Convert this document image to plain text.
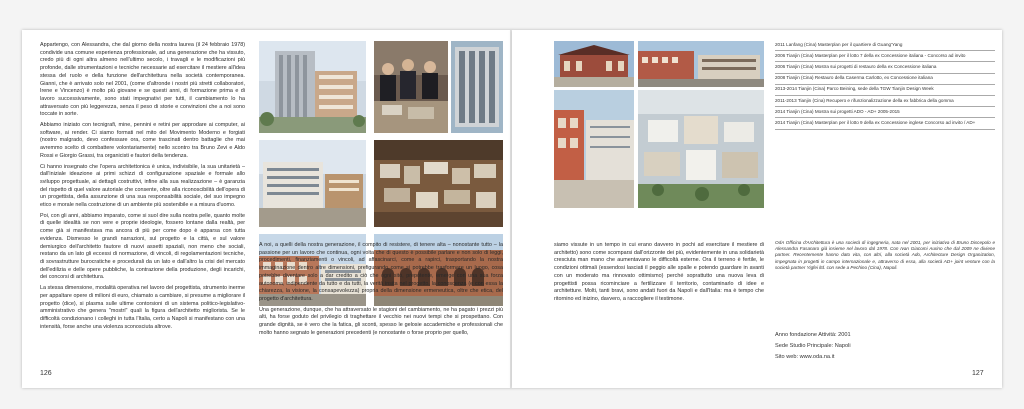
Appartengo, con Alessandra, che dal giorno della nostra laurea (il 24 febbraio 1978) condivide una comune esperienza professionale, ad una generazione che ha vissuto, credo più di ogni altra almeno nell'ultimo secolo, i travagli e le modificazioni più profonde, dalle strumentazioni e tecniche necessarie ad esercitare il mestiere all'idea stessa del ruolo e della funzione dell'architettura nella società contemporanea. Gianni, che è arrivato solo nel 2001, (come d'altronde i nostri più stretti collaboratori, Irene e Vincenzo) è molto più giovane e se questi anni, di formazione prima e di lavoro successivamente, sono stati impegnativi per tutti, il cambiamento lo ha attraversato con più leggerezza, senza il peso di storie e convinzioni che a noi sono toccate in sorte.

Abbiamo iniziato con tecnigrafi, mine, pennini e retini per approdare ai computer, ai software, ai render. Ci siamo formati nel mito del Movimento Moderno e forgiati (nostro malgrado, devo confessare ora, come trascinati dentro battaglie che mai avremmo scelto di combattere volontariamente) nello scontro tra Bruno Zevi e Aldo Rossi e Giorgio Grassi, tra organicisti e fautori della tendenza.

Ci hanno insegnato che l'opera architettonica è unica, indivisibile, la sua unitarietà – dall'iniziale ideazione ai primi schizzi di configurazione spaziale e formale allo sviluppo progettuale, ai dettagli costruttivi, infine alla sua realizzazione – è garanzia del rispetto di quel valore autoriale che consente, oltre alla riconoscibilità dell'opera di un progettista, della assunzione di una sua responsabilità sociale, del suo impegno etico e morale nella costruzione di un ambiente più sostenibile e a misura d'uomo.

Poi, con gli anni, abbiamo imparato, come si suol dire sulla nostra pelle, quanto molte di quelle idealità se non vere e proprie ideologie, fossero lontane dalla realtà, per come già si manifestava ma ancora di più per come dopo è apparsa con tutta evidenza. Dismesso le grandi narrazioni, sul progetto e la città, e sul valore demiurgico dell'architetto fautore di nuovi assetti spaziali, non meno che sociali, restano da un lato gli eccessi di normazione, di vincoli, di regolamentazioni tecniche, di sovrastrutture burocratiche e procedurali da un lato e dall'altro la crisi del mercato dell'edilizia e delle opere pubbliche, la contrazione della produzione, degli incarichi, dei concorsi di architettura.

La stessa dimensione, modalità operativa nel lavoro del progettista, strumento inerme per appaltare opere di milioni di euro, chiamato a cambiare, si presume a migliorare il progetto (dice), si plasma sulle ultime contorsioni di un sistema politico-legislativo-amministrativo che genera "mostri" quali la figura dell'architetto migliorista. Se le difficoltà condizionano i colleghi in tutta l'Italia, certo a Napoli si manifestano con una intensità, forse anche una violenza sconosciuta altrove.

126

A noi, a quelli della nostra generazione, il compito di resistere, di tenere alta – nonostante tutto – la passione per un lavoro che continua, ogni volta che di questo è possibile parlare e non solo di leggi, procedimenti, finanziamenti o vincoli, ad affascinarci, come a rapirci, trasportando la nostra immaginazione dentro altre dimensioni, prefigurando come si potrebbe trasformare un luogo, cosa potrebbe diventare solo a dar credito a ciò che ogni sito, prepotente, emerge con una sua forza autonoma, indipendente da tutto e da tutti, la verità insita nel progetto, la conoscenza (e con essa la chiarezza, la visione, la consapevolezza) propria della dimensione ermeneutica, oltre che etica, del progetto d'architettura.

Una generazione, dunque, che ha attraversato le stagioni del cambiamento, ne ha pagato i prezzi più alti, ha forse goduto del privilegio di traghettare il vecchio nei nuovi tempi che si prospettano. Con grande dignità, se è vero che la fatica, gli sconti, spesso le gelosie accademiche e professionali che molto hanno segnato le generazioni precedenti (e nonostante o forse proprio per quello,

siamo vissute in un tempo in cui erano davvero in pochi ad esercitare il mestiere di architetto) sono come scomparsi dall'orizzonte dei più, evidentemente in una solidarietà cresciuta man mano che aumentavano le difficoltà esterne. Ora il terreno è fertile, le condizioni ottimali (essendosi lasciati il peggio alle spalle e potendo guardare in avanti con un moderato ma rinnovato ottimismo) perché soprattutto una nuova leva di progettisti possa ricominciare a fertilizzare il territorio, contaminarlo di idee e architetture. Molti, tanti bravi, sono andati fuori da Napoli e dall'Italia: ma è tempo che ritornino ed inizino, davvero, a raccogliere il testimone.

2011 Lanfang (Cina) Masterplan per il quartiere di Guang'Yang
2006 Tianjin (Cina) Masterplan per il lotto 7 della ex Concessione italiana - Concorso ad invito
2006 Tianjin (Cina) Mostra sui progetti di restauro della ex Concessione italiana
2008 Tianjin (Cina) Restauro della Caserma Carlotto, ex Concessione italiana
2013-2014 Tianjin (Cina) Parco Beining, sede della TGW Tianjin Design Week
2011-2013 Tianjin (Cina) Recupero e rifunzionalizzazione della ex fabbrica della gomma
2014 Tianjin (Cina) Mostra sui progetti ADO - AD+ 2005-2015
2014 Tianjin (Cina) Masterplan per il lotto 9 della ex Concessione inglese Concorso ad invito / AD+
OdA Officina d'Architettura è una società di ingegneria, nata nel 2001, per iniziativa di Bruno Discepolo e Alessandra Fasanaro già insieme nel lavoro dal 1978. Con Ivan Giacomi Aurino che dal 2009 ne diviene partner. Recentemente hanno dato vita, con altri, alla società Ado, Architecture Design Organization, impegnata in progetti in campo internazionale e, attraverso di essa, alla società AD+ joint venture con la società partner Yigfei ltd. con sede a Pechino (Cina), Napoli.
Anno fondazione Attività: 2001
Sede Studio Principale: Napoli
Sito web: www.oda.na.it
127
